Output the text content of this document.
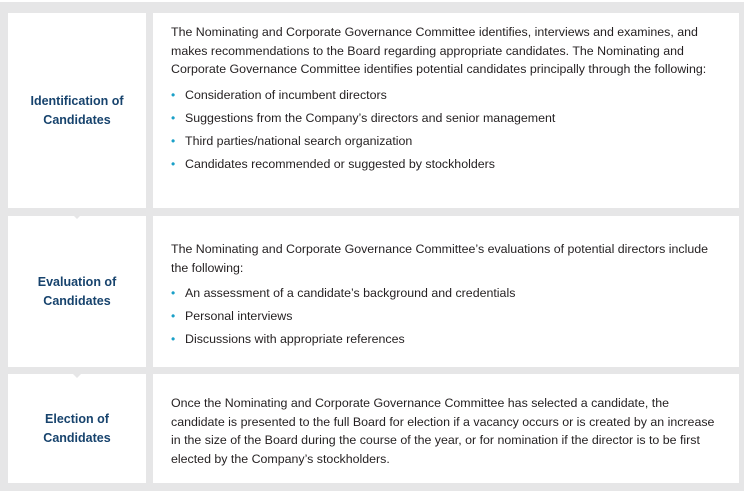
Identification of
Candidates

The Nominating and Corporate Governance Committee identifies, interviews and examines, and makes recommendations to the Board regarding appropriate candidates. The Nominating and Corporate Governance Committee identifies potential candidates principally through the following:

• Consideration of incumbent directors
• Suggestions from the Company’s directors and senior management
• Third parties/national search organization
• Candidates recommended or suggested by stockholders
Evaluation of
Candidates

The Nominating and Corporate Governance Committee’s evaluations of potential directors include the following:

• An assessment of a candidate’s background and credentials
• Personal interviews
• Discussions with appropriate references
Election of
Candidates

Once the Nominating and Corporate Governance Committee has selected a candidate, the candidate is presented to the full Board for election if a vacancy occurs or is created by an increase in the size of the Board during the course of the year, or for nomination if the director is to be first elected by the Company’s stockholders.
